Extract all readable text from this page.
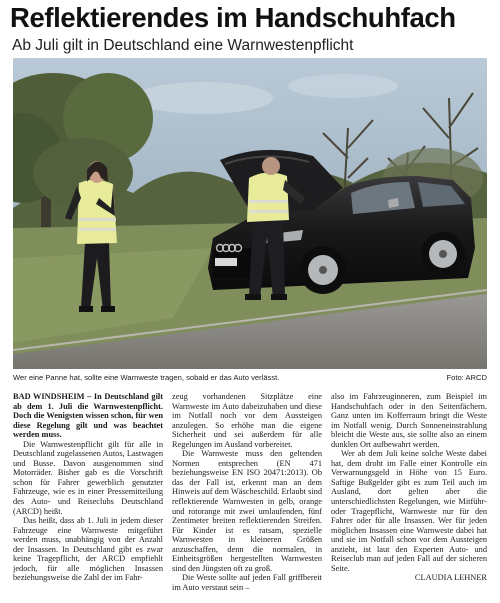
Reflektierendes im Handschuhfach
Ab Juli gilt in Deutschland eine Warnwestenpflicht
Wer eine Panne hat, sollte eine Warnweste tragen, sobald er das Auto verlässt.	Foto: ARCD

BAD WINDSHEIM – In Deutschland gilt ab dem 1. Juli die Warnwestenpflicht. Doch die Wenigsten wissen schon, für wen diese Regelung gilt und was beachtet werden muss.

Die Warnwestenpflicht gilt für alle in Deutschland zugelassenen Autos, Lastwagen und Busse. Davon ausgenommen sind Motorräder. Bisher gab es die Vorschrift schon für Fahrer gewerblich genutzter Fahrzeuge, wie es in einer Pressemitteilung des Auto- und Reiseclubs Deutschland (ARCD) heißt.

Das heißt, dass ab 1. Juli in jedem dieser Fahrzeuge eine Warnweste mitgeführt werden muss, unabhängig von der Anzahl der Insassen. In Deutschland gibt es zwar keine Tragepflicht, der ARCD empfiehlt jedoch, für alle möglichen Insassen beziehungsweise die Zahl der im Fahr-

zeug vorhandenen Sitzplätze eine Warnweste im Auto dabeizuhaben und diese im Notfall noch vor dem Aussteigen anzulegen. So erhöhe man die eigene Sicherheit und sei außerdem für alle Regelungen im Ausland vorbereitet.

Die Warnweste muss den geltenden Normen entsprechen (EN 471 beziehungsweise EN ISO 20471:2013). Ob das der Fall ist, erkennt man an dem Hinweis auf dem Wäscheschild. Erlaubt sind reflektierende Warnwesten in gelb, orange und rotorange mit zwei umlaufenden, fünf Zentimeter breiten reflektierenden Streifen. Für Kinder ist es ratsam, spezielle Warnwesten in kleineren Größen anzuschaffen, denn die normalen, in Einheitsgrößen hergestellten Warnwesten sind den Jüngsten oft zu groß.

Die Weste sollte auf jeden Fall griffbereit im Auto verstaut sein –

also im Fahrzeuginneren, zum Beispiel im Handschuhfach oder in den Seitenfächern. Ganz unten im Kofferraum bringt die Weste im Notfall wenig. Durch Sonneneinstrahlung bleicht die Weste aus, sie sollte also an einem dunklen Ort aufbewahrt werden.

Wer ab dem Juli keine solche Weste dabei hat, dem droht im Falle einer Kontrolle ein Verwarnungsgeld in Höhe von 15 Euro. Saftige Bußgelder gibt es zum Teil auch im Ausland, dort gelten aber die unterschiedlichsten Regelungen, wie Mitführ- oder Tragepflicht, Warnweste nur für den Fahrer oder für alle Insassen. Wer für jeden möglichen Insassen eine Warnweste dabei hat und sie im Notfall schon vor dem Aussteigen anzieht, ist laut den Experten Auto- und Reiseclub man auf jeden Fall auf der sicheren Seite.

CLAUDIA LEHNER
